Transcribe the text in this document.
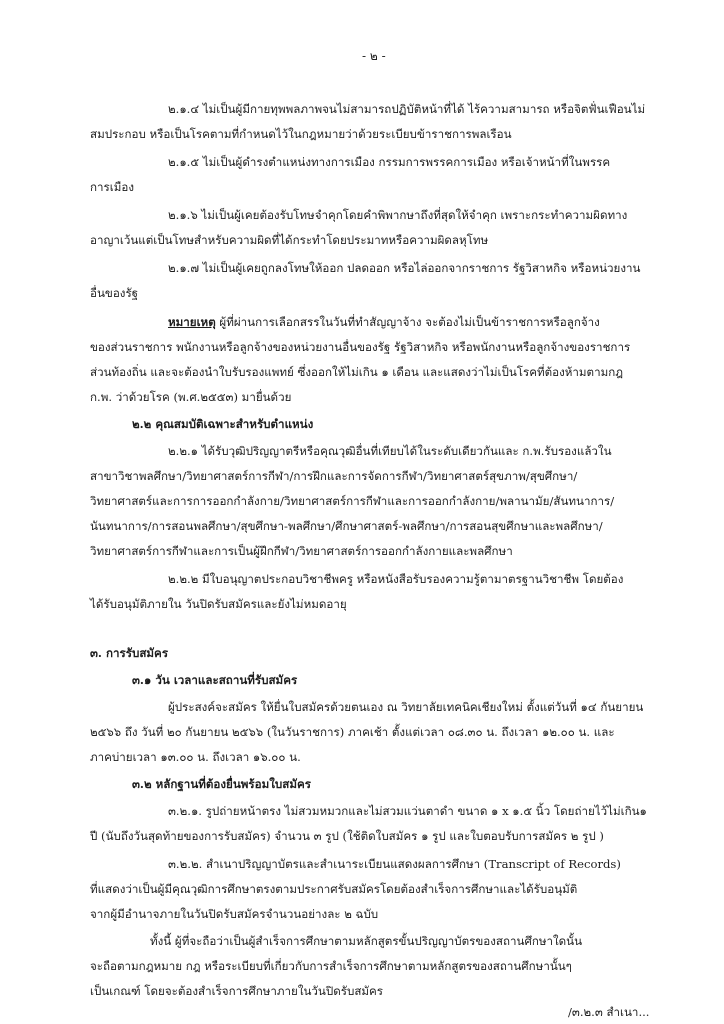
- ๒ -
๒.๑.๔ ไม่เป็นผู้มีกายทุพพลภาพจนไม่สามารถปฏิบัติหน้าที่ได้ ไร้ความสามารถ หรือจิตฟั่นเฟือนไม่
สมประกอบ หรือเป็นโรคตามที่กำหนดไว้ในกฎหมายว่าด้วยระเบียบข้าราชการพลเรือน
๒.๑.๕ ไม่เป็นผู้ดำรงตำแหน่งทางการเมือง กรรมการพรรคการเมือง หรือเจ้าหน้าที่ในพรรค
การเมือง
๒.๑.๖ ไม่เป็นผู้เคยต้องรับโทษจำคุกโดยคำพิพากษาถึงที่สุดให้จำคุก เพราะกระทำความผิดทาง
อาญาเว้นแต่เป็นโทษสำหรับความผิดที่ได้กระทำโดยประมาทหรือความผิดลหุโทษ
๒.๑.๗ ไม่เป็นผู้เคยถูกลงโทษให้ออก ปลดออก หรือไล่ออกจากราชการ รัฐวิสาหกิจ หรือหน่วยงาน
อื่นของรัฐ
หมายเหตุ ผู้ที่ผ่านการเลือกสรรในวันที่ทำสัญญาจ้าง จะต้องไม่เป็นข้าราชการหรือลูกจ้าง
ของส่วนราชการ พนักงานหรือลูกจ้างของหน่วยงานอื่นของรัฐ รัฐวิสาหกิจ หรือพนักงานหรือลูกจ้างของราชการ
ส่วนท้องถิ่น และจะต้องนำใบรับรองแพทย์ ซึ่งออกให้ไม่เกิน ๑ เดือน และแสดงว่าไม่เป็นโรคที่ต้องห้ามตามกฎ
ก.พ. ว่าด้วยโรค (พ.ศ.๒๕๕๓) มายื่นด้วย
๒.๒ คุณสมบัติเฉพาะสำหรับตำแหน่ง
๒.๒.๑ ได้รับวุฒิปริญญาตรีหรือคุณวุฒิอื่นที่เทียบได้ในระดับเดียวกันและ ก.พ.รับรองแล้วใน
สาขาวิชาพลศึกษา/วิทยาศาสตร์การกีฬา/การฝึกและการจัดการกีฬา/วิทยาศาสตร์สุขภาพ/สุขศึกษา/
วิทยาศาสตร์และการการออกกำลังกาย/วิทยาศาสตร์การกีฬาและการออกกำลังกาย/พลานามัย/สันทนาการ/
นันทนาการ/การสอนพลศึกษา/สุขศึกษา-พลศึกษา/ศึกษาศาสตร์-พลศึกษา/การสอนสุขศึกษาและพลศึกษา/
วิทยาศาสตร์การกีฬาและการเป็นผู้ฝึกกีฬา/วิทยาศาสตร์การออกกำลังกายและพลศึกษา
๒.๒.๒ มีใบอนุญาตประกอบวิชาชีพครู หรือหนังสือรับรองความรู้ตามาตรฐานวิชาชีพ โดยต้อง
ได้รับอนุมัติภายใน วันปิดรับสมัครและยังไม่หมดอายุ
๓. การรับสมัคร
๓.๑ วัน เวลาและสถานที่รับสมัคร
ผู้ประสงค์จะสมัคร ให้ยื่นใบสมัครด้วยตนเอง ณ วิทยาลัยเทคนิคเชียงใหม่ ตั้งแต่วันที่ ๑๔ กันยายน
๒๕๖๖ ถึง วันที่ ๒๐ กันยายน ๒๕๖๖ (ในวันราชการ) ภาคเช้า ตั้งแต่เวลา ๐๘.๓๐ น. ถึงเวลา ๑๒.๐๐ น. และ
ภาคบ่ายเวลา ๑๓.๐๐ น. ถึงเวลา ๑๖.๐๐ น.
๓.๒ หลักฐานที่ต้องยื่นพร้อมใบสมัคร
๓.๒.๑. รูปถ่ายหน้าตรง ไม่สวมหมวกและไม่สวมแว่นตาดำ ขนาด ๑ x ๑.๕ นิ้ว โดยถ่ายไว้ไม่เกิน๑
ปี (นับถึงวันสุดท้ายของการรับสมัคร) จำนวน ๓ รูป (ใช้ติดใบสมัคร ๑ รูป และใบตอบรับการสมัคร ๒ รูป )
๓.๒.๒. สำเนาปริญญาบัตรและสำเนาระเบียนแสดงผลการศึกษา (Transcript of Records)
ที่แสดงว่าเป็นผู้มีคุณวุฒิการศึกษาตรงตามประกาศรับสมัครโดยต้องสำเร็จการศึกษาและได้รับอนุมัติ
จากผู้มีอำนาจภายในวันปิดรับสมัครจำนวนอย่างละ ๒ ฉบับ
ทั้งนี้ ผู้ที่จะถือว่าเป็นผู้สำเร็จการศึกษาตามหลักสูตรขั้นปริญญาบัตรของสถานศึกษาใดนั้น
จะถือตามกฎหมาย กฎ หรือระเบียบที่เกี่ยวกับการสำเร็จการศึกษาตามหลักสูตรของสถานศึกษานั้นๆ
เป็นเกณฑ์ โดยจะต้องสำเร็จการศึกษาภายในวันปิดรับสมัคร
/๓.๒.๓ สำเนา...
